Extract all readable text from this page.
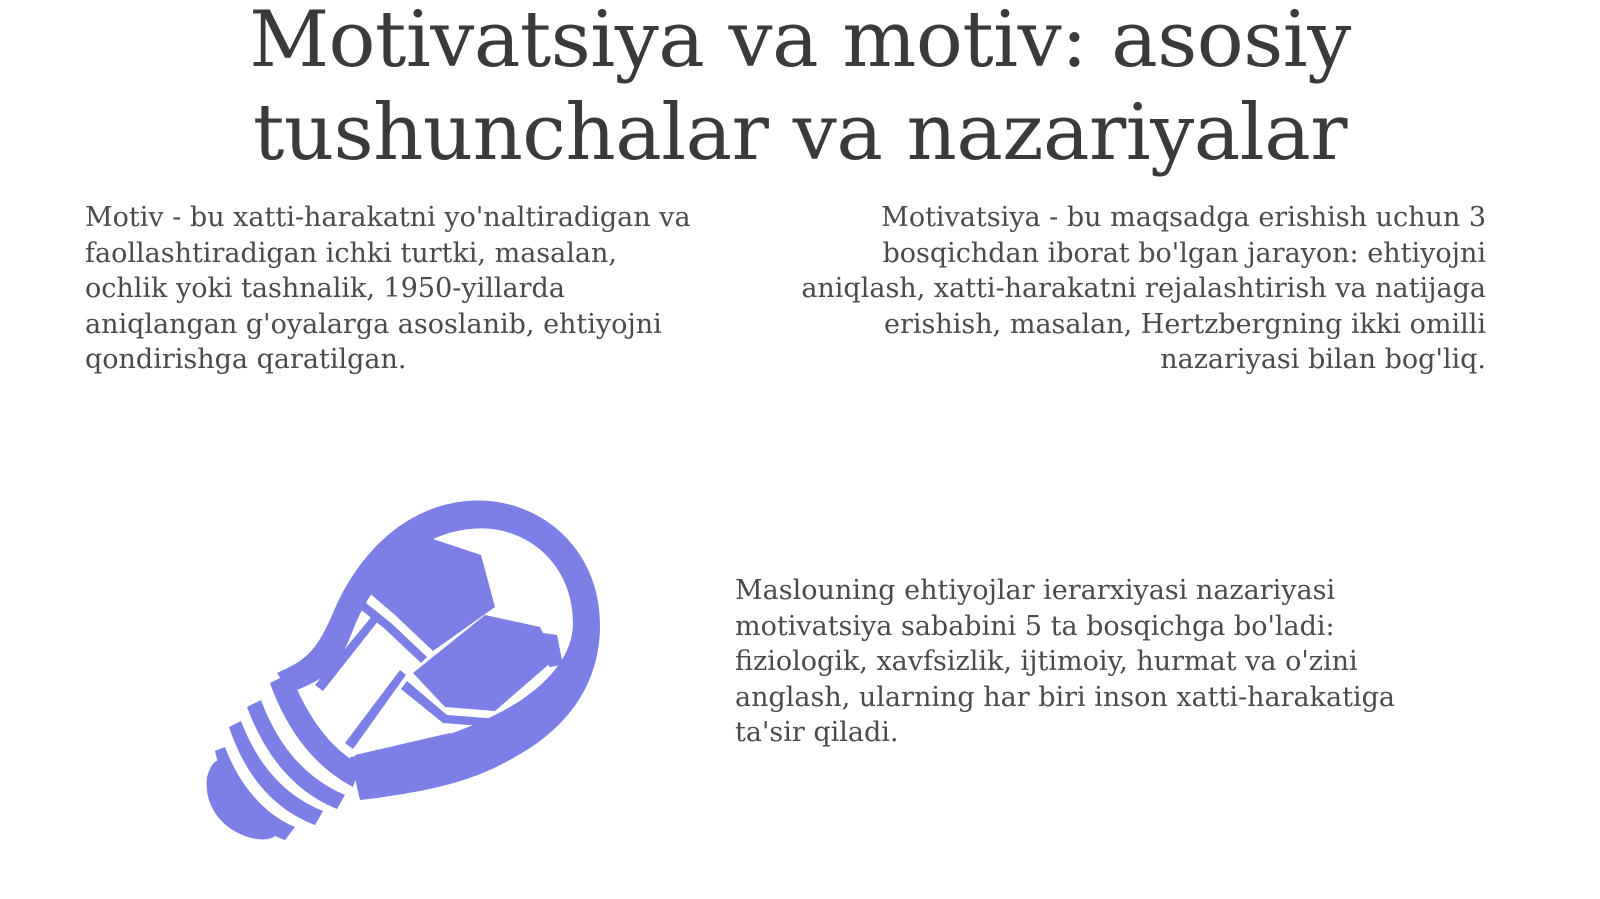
Motivatsiya va motiv: asosiy tushunchalar va nazariyalar

Motiv - bu xatti-harakatni yo'naltiradigan va faollashtiradigan ichki turtki, masalan, ochlik yoki tashnalik, 1950-yillarda aniqlangan g'oyalarga asoslanib, ehtiyojni qondirishga qaratilgan.

Motivatsiya - bu maqsadga erishish uchun 3 bosqichdan iborat bo'lgan jarayon: ehtiyojni aniqlash, xatti-harakatni rejalashtirish va natijaga erishish, masalan, Hertzbergning ikki omilli nazariyasi bilan bog'liq.

Maslouning ehtiyojlar ierarxiyasi nazariyasi motivatsiya sababini 5 ta bosqichga bo'ladi: fiziologik, xavfsizlik, ijtimoiy, hurmat va o'zini anglash, ularning har biri inson xatti-harakatiga ta'sir qiladi.
